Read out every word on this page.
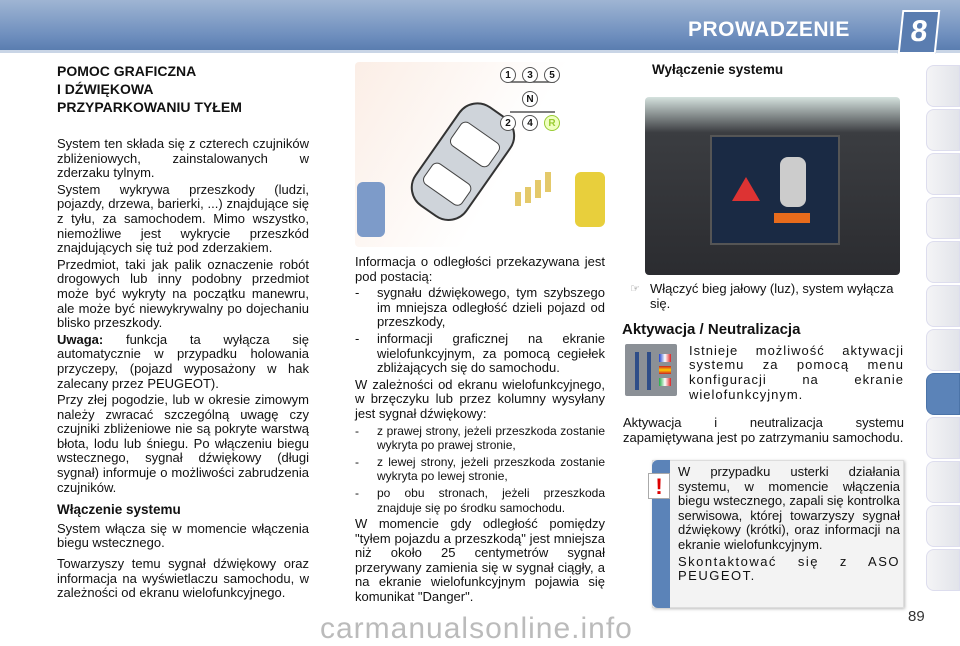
PROWADZENIE	8
POMOC GRAFICZNA
I DŹWIĘKOWA
PRZYPARKOWANIU TYŁEM

System ten składa się z czterech czujników zbliżeniowych, zainstalowanych w zderzaku tylnym.

System wykrywa przeszkody (ludzi, pojazdy, drzewa, barierki, ...) znajdujące się z tyłu, za samochodem. Mimo wszystko, niemożliwe jest wykrycie przeszkód znajdujących się tuż pod zderzakiem.

Przedmiot, taki jak palik oznaczenie robót drogowych lub inny podobny przedmiot może być wykryty na początku manewru, ale może być niewykrywalny po dojechaniu blisko przeszkody.

Uwaga: funkcja ta wyłącza się automatycznie w przypadku holowania przyczepy, (pojazd wyposażony w hak zalecany przez PEUGEOT).

Przy złej pogodzie, lub w okresie zimowym należy zwracać szczególną uwagę czy czujniki zbliżeniowe nie są pokryte warstwą błota, lodu lub śniegu. Po włączeniu biegu wstecznego, sygnał dźwiękowy (długi sygnał) informuje o możliwości zabrudzenia czujników.

Włączenie systemu

System włącza się w momencie włączenia biegu wstecznego.

Towarzyszy temu sygnał dźwiękowy oraz informacja na wyświetlaczu samochodu, w zależności od ekranu wielofunkcyjnego.

1	3	5
N
2	4	R

Informacja o odległości przekazywana jest pod postacią:

-	sygnału dźwiękowego, tym szybszego im mniejsza odległość dzieli pojazd od przeszkody,
-	informacji graficznej na ekranie wielofunkcyjnym, za pomocą cegiełek zbliżających się do samochodu.

W zależności od ekranu wielofunkcyjnego, w brzęczyku lub przez kolumny wysyłany jest sygnał dźwiękowy:

-	z prawej strony, jeżeli przeszkoda zostanie wykryta po prawej stronie,
-	z lewej strony, jeżeli przeszkoda zostanie wykryta po lewej stronie,
-	po obu stronach, jeżeli przeszkoda znajduje się po środku samochodu.

W momencie gdy odległość pomiędzy "tyłem pojazdu a przeszkodą" jest mniejsza niż około 25 centymetrów sygnał przerywany zamienia się w sygnał ciągły, a na ekranie wielofunkcyjnym pojawia się komunikat "Danger".

Wyłączenie systemu
☞ Włączyć bieg jałowy (luz), system wyłącza się.
Aktywacja / Neutralizacja

Istnieje możliwość aktywacji systemu za pomocą menu konfiguracji na ekranie wielofunkcyjnym.

Aktywacja i neutralizacja systemu zapamiętywana jest po zatrzymaniu samochodu.

!

W przypadku usterki działania systemu, w momencie włączenia biegu wstecznego, zapali się kontrolka serwisowa, której towarzyszy sygnał dźwiękowy (krótki), oraz informacji na ekranie wielofunkcyjnym.

Skontaktować się z ASO PEUGEOT.

89
carmanualsonline.info
